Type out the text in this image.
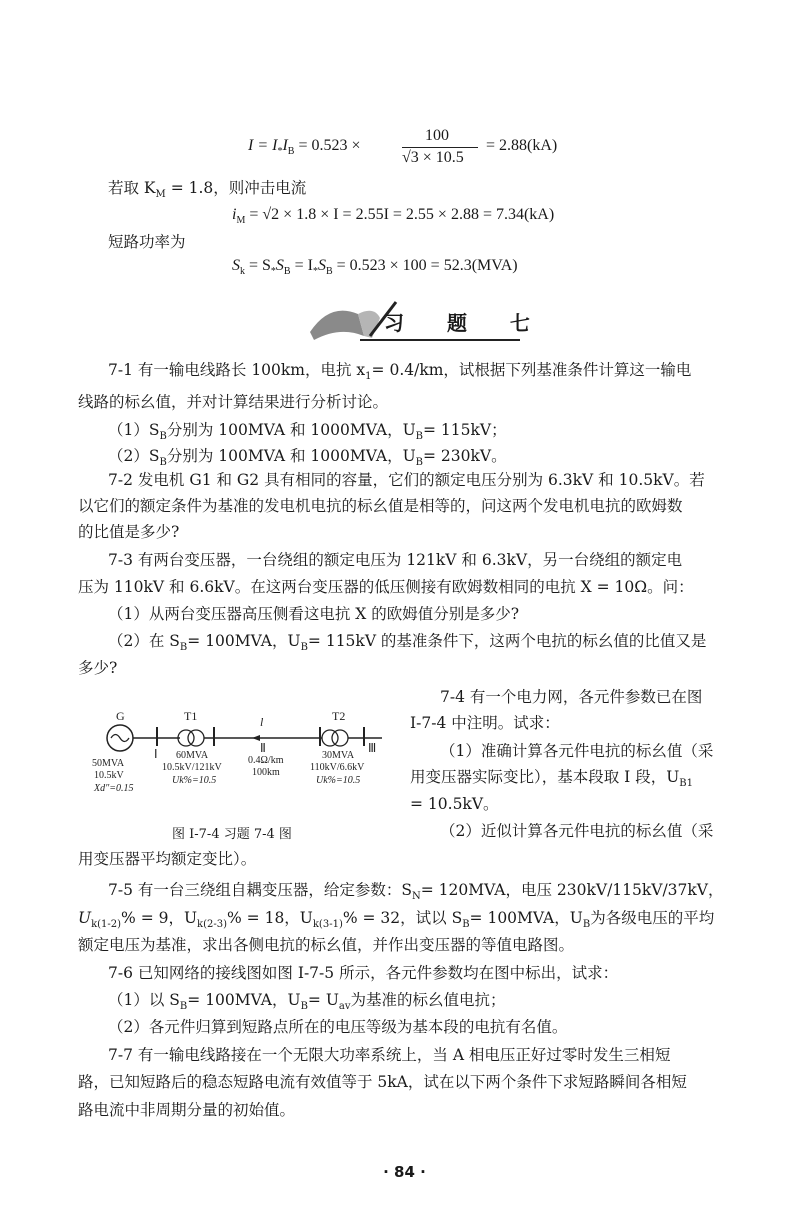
$I = I_*I_B = 0.523$ ×
100
√3 × 10.5
= 2.88(kA)
若取 $K_M = 1.8$，则冲击电流
$i_M = √2 \times 1.8 \times I = 2.55I = 2.55 \times 2.88 = 7.34(kA)$
短路功率为
$S_k = S_*S_B = I_*S_B = 0.523 \times 100 = 52.3(MVA)$
习 题 七
7-1 有一输电线路长 100km，电抗 $x_1= 0.4/km$，试根据下列基准条件计算这一输电
线路的标幺值，并对计算结果进行分析讨论。
$(1)S_B$分别为 100MVA 和 1000MVA，$U_B= 115kV$；
$(2)S_B$分别为 100MVA 和 1000MVA，$U_B= 230kV$。
7-2 发电机 G1 和 G2 具有相同的容量，它们的额定电压分别为 6.3kV 和 10.5kV。若
以它们的额定条件为基准的发电机电抗的标幺值是相等的，问这两个发电机电抗的欧姆数
的比值是多少?
7-3 有两台变压器，一台绕组的额定电压为 121kV 和 6.3kV，另一台绕组的额定电
压为 110kV 和 6.6kV。在这两台变压器的低压侧接有欧姆数相同的电抗 X = 10Ω。问：
（1）从两台变压器高压侧看这电抗 X 的欧姆值分别是多少?
（2）在 $S_B= 100MVA$，$U_B= 115kV$ 的基准条件下，这两个电抗的标幺值的比值又是
多少?
7-4 有一个电力网，各元件参数已在图
Ⅰ-7-4 中注明。试求：
（1）准确计算各元件电抗的标幺值（采
用变压器实际变比），基本段取 Ⅰ 段，$U_{B1}$
= 10.5kV。
（2）近似计算各元件电抗的标幺值（采
用变压器平均额定变比）。
G	T1	l	T2
Ⅰ	Ⅱ	Ⅲ
50MVA
10.5kV
Xd″=0.15
60MVA
10.5kV/121kV
Uk%=10.5
0.4Ω/km
100km
30MVA
110kV/6.6kV
Uk%=10.5
图 Ⅰ-7-4 习题 7-4 图
7-5 有一台三绕组自耦变压器，给定参数：$S_N= 120MVA$，电压 230kV/115kV/37kV，
$U_{k(1-2)}\% = 9$，$U_{k(2-3)}\% = 18$，$U_{k(3-1)}\% = 32$，试以 $S_B= 100MVA$，$U_B$为各级电压的平均
额定电压为基准，求出各侧电抗的标幺值，并作出变压器的等值电路图。
7-6 已知网络的接线图如图 Ⅰ-7-5 所示，各元件参数均在图中标出，试求：
（1）以 $S_B= 100MVA$，$U_B= U_{av}$为基准的标幺值电抗；
（2）各元件归算到短路点所在的电压等级为基本段的电抗有名值。
7-7 有一输电线路接在一个无限大功率系统上，当 A 相电压正好过零时发生三相短
路，已知短路后的稳态短路电流有效值等于 5kA，试在以下两个条件下求短路瞬间各相短
路电流中非周期分量的初始值。
· 84 ·
